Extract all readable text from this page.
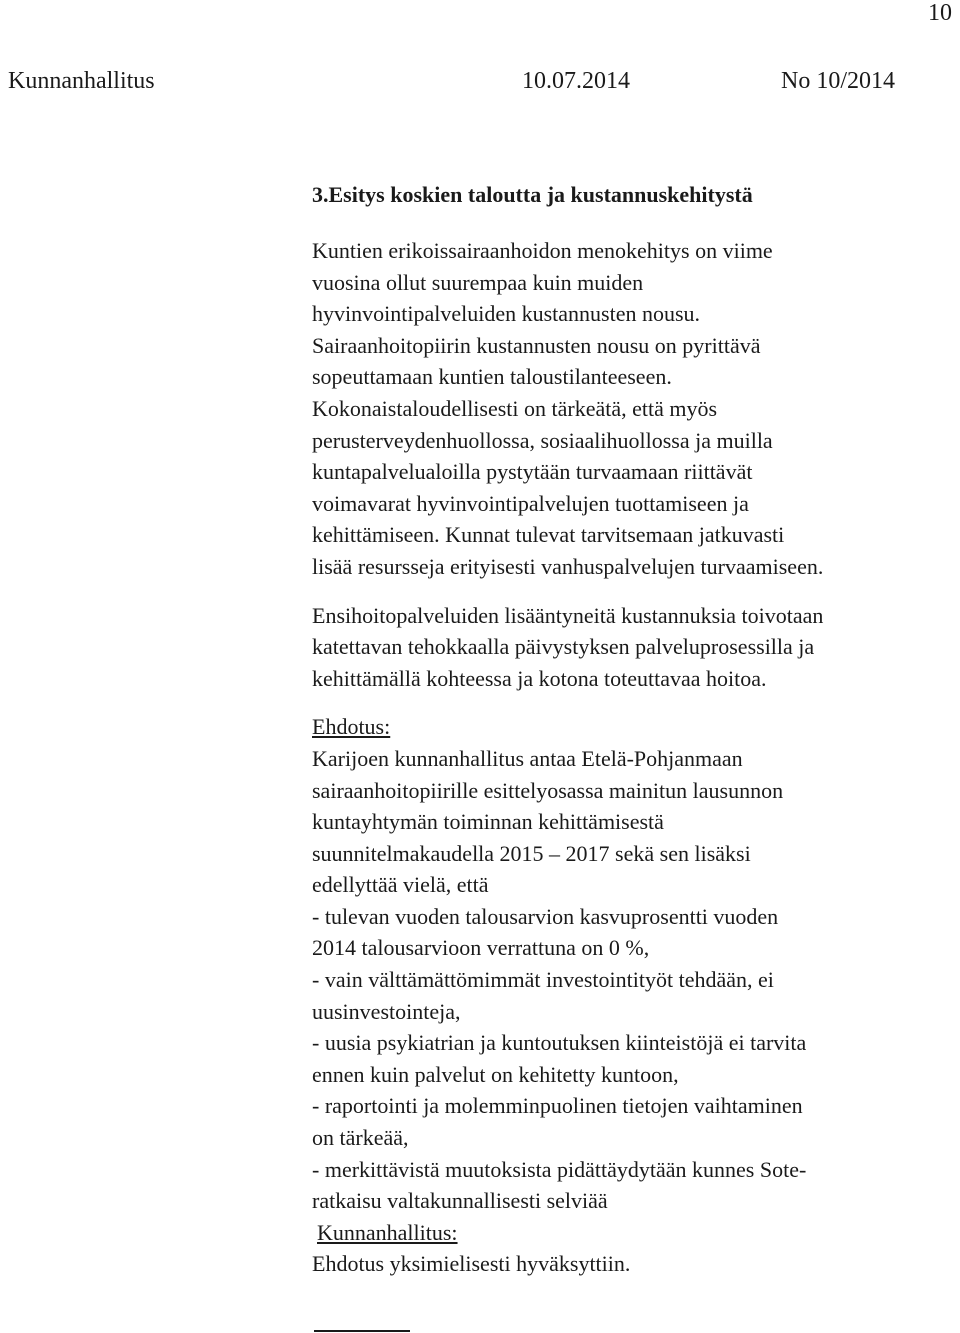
10
Kunnanhallitus	10.07.2014	No 10/2014
3.Esitys koskien taloutta ja kustannuskehitystä
Kuntien erikoissairaanhoidon menokehitys on viime
vuosina ollut suurempaa kuin muiden
hyvinvointipalveluiden kustannusten nousu.
Sairaanhoitopiirin kustannusten nousu on pyrittävä
sopeuttamaan kuntien taloustilanteeseen.
Kokonaistaloudellisesti on tärkeätä, että myös
perusterveydenhuollossa, sosiaalihuollossa ja muilla
kuntapalvelualoilla pystytään turvaamaan riittävät
voimavarat hyvinvointipalvelujen tuottamiseen ja
kehittämiseen. Kunnat tulevat tarvitsemaan jatkuvasti
lisää resursseja erityisesti vanhuspalvelujen turvaamiseen.
Ensihoitopalveluiden lisääntyneitä kustannuksia toivotaan
katettavan tehokkaalla päivystyksen palveluprosessilla ja
kehittämällä kohteessa ja kotona toteuttavaa hoitoa.
Ehdotus:
Karijoen kunnanhallitus antaa Etelä-Pohjanmaan
sairaanhoitopiirille esittelyosassa mainitun lausunnon
kuntayhtymän toiminnan kehittämisestä
suunnitelmakaudella 2015 – 2017 sekä sen lisäksi
edellyttää vielä, että
- tulevan vuoden talousarvion kasvuprosentti vuoden
2014 talousarvioon verrattuna on 0 %,
- vain välttämättömimmät investointityöt tehdään, ei
uusinvestointeja,
- uusia psykiatrian ja kuntoutuksen kiinteistöjä ei tarvita
ennen kuin palvelut on kehitetty kuntoon,
- raportointi ja molemminpuolinen tietojen vaihtaminen
on tärkeää,
- merkittävistä muutoksista pidättäydytään kunnes Sote-
ratkaisu valtakunnallisesti selviää
Kunnanhallitus:
Ehdotus yksimielisesti hyväksyttiin.
